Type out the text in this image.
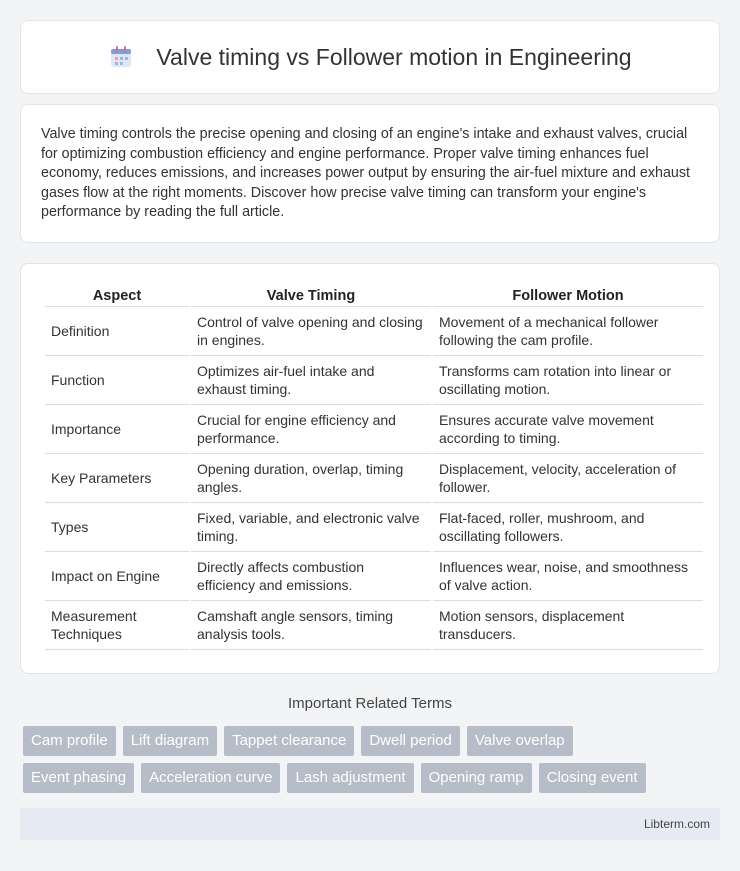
Valve timing vs Follower motion in Engineering

Valve timing controls the precise opening and closing of an engine's intake and exhaust valves, crucial for optimizing combustion efficiency and engine performance. Proper valve timing enhances fuel economy, reduces emissions, and increases power output by ensuring the air-fuel mixture and exhaust gases flow at the right moments. Discover how precise valve timing can transform your engine's performance by reading the full article.

Aspect	Valve Timing	Follower Motion
Definition	Control of valve opening and closing in engines.	Movement of a mechanical follower following the cam profile.
Function	Optimizes air-fuel intake and exhaust timing.	Transforms cam rotation into linear or oscillating motion.
Importance	Crucial for engine efficiency and performance.	Ensures accurate valve movement according to timing.
Key Parameters	Opening duration, overlap, timing angles.	Displacement, velocity, acceleration of follower.
Types	Fixed, variable, and electronic valve timing.	Flat-faced, roller, mushroom, and oscillating followers.
Impact on Engine	Directly affects combustion efficiency and emissions.	Influences wear, noise, and smoothness of valve action.
Measurement Techniques	Camshaft angle sensors, timing analysis tools.	Motion sensors, displacement transducers.
Important Related Terms
Cam profile	Lift diagram	Tappet clearance	Dwell period	Valve overlap
Event phasing	Acceleration curve	Lash adjustment	Opening ramp	Closing event
Libterm.com
